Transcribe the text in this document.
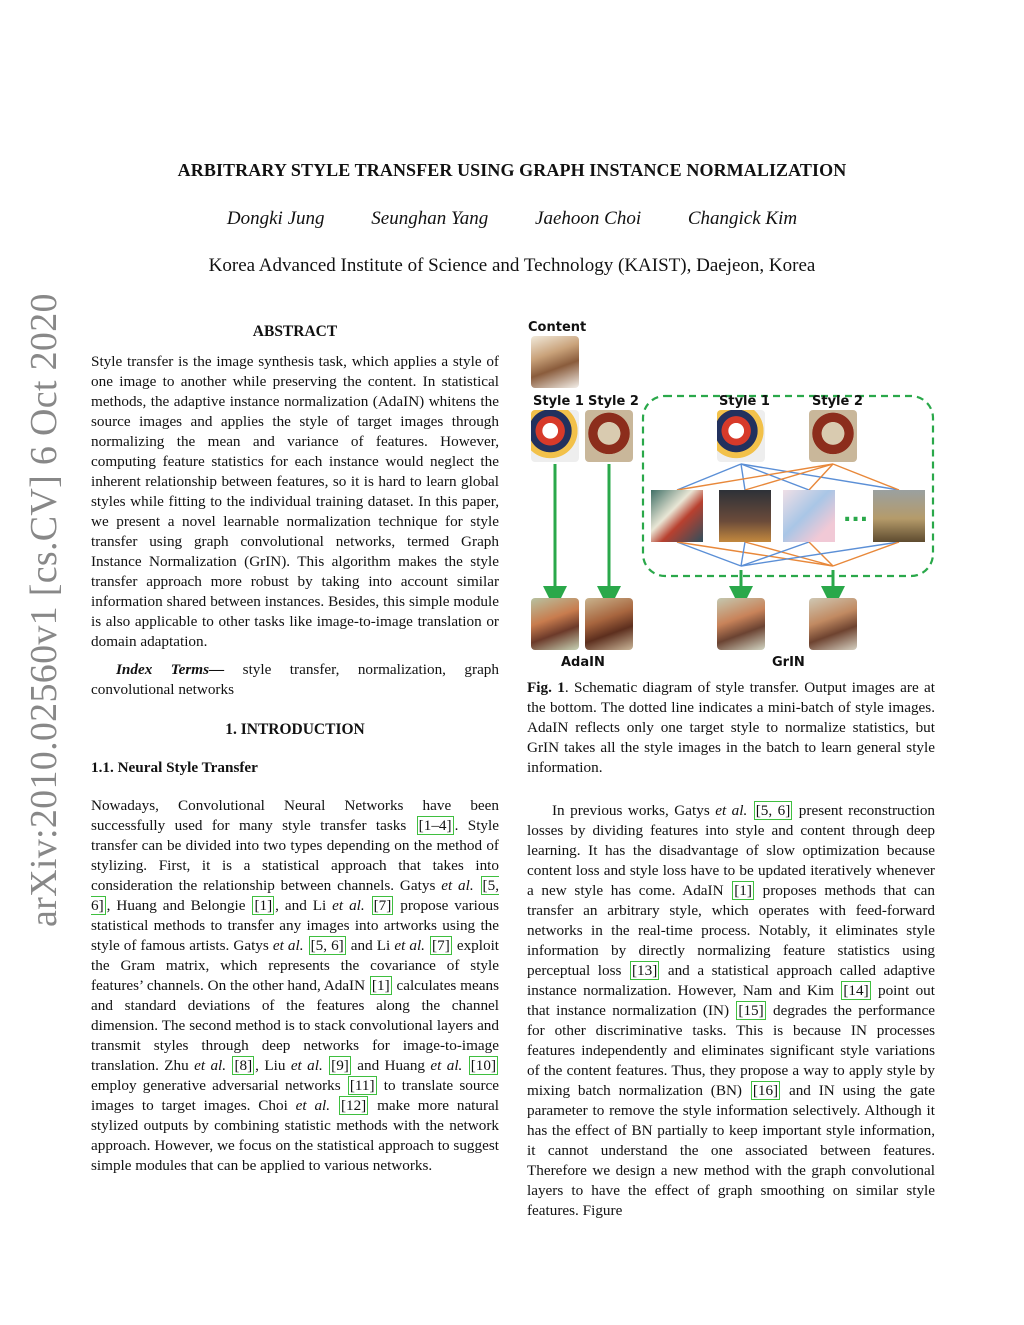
arXiv:2010.02560v1 [cs.CV] 6 Oct 2020
ARBITRARY STYLE TRANSFER USING GRAPH INSTANCE NORMALIZATION
Dongki Jung Seunghan Yang Jaehoon Choi Changick Kim
Korea Advanced Institute of Science and Technology (KAIST), Daejeon, Korea
ABSTRACT

Style transfer is the image synthesis task, which applies a style of one image to another while preserving the content. In statistical methods, the adaptive instance normalization (AdaIN) whitens the source images and applies the style of target images through normalizing the mean and variance of features. However, computing feature statistics for each instance would neglect the inherent relationship between features, so it is hard to learn global styles while fitting to the individual training dataset. In this paper, we present a novel learnable normalization technique for style transfer using graph convolutional networks, termed Graph Instance Normalization (GrIN). This algorithm makes the style transfer approach more robust by taking into account similar information shared between instances. Besides, this simple module is also applicable to other tasks like image-to-image translation or domain adaptation.

Index Terms— style transfer, normalization, graph convolutional networks

1. INTRODUCTION
1.1. Neural Style Transfer

Nowadays, Convolutional Neural Networks have been successfully used for many style transfer tasks [1–4] . Style transfer can be divided into two types depending on the method of stylizing. First, it is a statistical approach that takes into consideration the relationship between channels. Gatys et al. [5, 6] , Huang and Belongie [1] , and Li et al. [7] propose various statistical methods to transfer any images into artworks using the style of famous artists. Gatys et al. [5, 6] and Li et al. [7] exploit the Gram matrix, which represents the covariance of style features’ channels. On the other hand, AdaIN [1] calculates means and standard deviations of the features along the channel dimension. The second method is to stack convolutional layers and transmit styles through deep networks for image-to-image translation. Zhu et al. [8] , Liu et al. [9] and Huang et al. [10] employ generative adversarial networks [11] to translate source images to target images. Choi et al. [12] make more natural stylized outputs by combining statistic methods with the network approach. However, we focus on the statistical approach to suggest simple modules that can be applied to various networks.

Content
Style 1 Style 2	Style 1	Style 2
AdaIN	GrIN
...

Fig. 1. Schematic diagram of style transfer. Output images are at the bottom. The dotted line indicates a mini-batch of style images. AdaIN reflects only one target style to normalize statistics, but GrIN takes all the style images in the batch to learn general style information.

In previous works, Gatys et al. [5, 6] present reconstruction losses by dividing features into style and content through deep learning. It has the disadvantage of slow optimization because content loss and style loss have to be updated iteratively whenever a new style has come. AdaIN [1] proposes methods that can transfer an arbitrary style, which operates with feed-forward networks in the real-time process. Notably, it eliminates style information by directly normalizing feature statistics using perceptual loss [13] and a statistical approach called adaptive instance normalization. However, Nam and Kim [14] point out that instance normalization (IN) [15] degrades the performance for other discriminative tasks. This is because IN processes features independently and eliminates significant style variations of the content features. Thus, they propose a way to apply style by mixing batch normalization (BN) [16] and IN using the gate parameter to remove the style information selectively. Although it has the effect of BN partially to keep important style information, it cannot understand the one associated between features. Therefore we design a new method with the graph convolutional layers to have the effect of graph smoothing on similar style features. Figure
